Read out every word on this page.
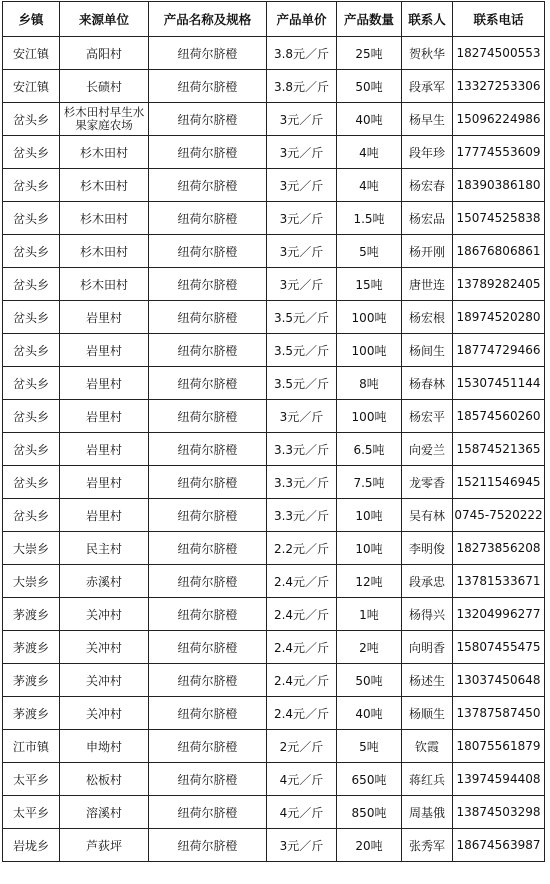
乡镇	来源单位	产品名称及规格	产品单价	产品数量	联系人	联系电话
安江镇	高阳村	纽荷尔脐橙	3.8元／斤	25吨	贺秋华	18274500553
安江镇	长碛村	纽荷尔脐橙	3.8元／斤	50吨	段承军	13327253306
岔头乡	杉木田村早生水果家庭农场	纽荷尔脐橙	3元／斤	40吨	杨早生	15096224986
岔头乡	杉木田村	纽荷尔脐橙	3元／斤	4吨	段年珍	17774553609
岔头乡	杉木田村	纽荷尔脐橙	3元／斤	4吨	杨宏春	18390386180
岔头乡	杉木田村	纽荷尔脐橙	3元／斤	1.5吨	杨宏品	15074525838
岔头乡	杉木田村	纽荷尔脐橙	3元／斤	5吨	杨开刚	18676806861
岔头乡	杉木田村	纽荷尔脐橙	3元／斤	15吨	唐世连	13789282405
岔头乡	岩里村	纽荷尔脐橙	3.5元／斤	100吨	杨宏根	18974520280
岔头乡	岩里村	纽荷尔脐橙	3.5元／斤	100吨	杨间生	18774729466
岔头乡	岩里村	纽荷尔脐橙	3.5元／斤	8吨	杨春林	15307451144
岔头乡	岩里村	纽荷尔脐橙	3元／斤	100吨	杨宏平	18574560260
岔头乡	岩里村	纽荷尔脐橙	3.3元／斤	6.5吨	向爱兰	15874521365
岔头乡	岩里村	纽荷尔脐橙	3.3元／斤	7.5吨	龙零香	15211546945
岔头乡	岩里村	纽荷尔脐橙	3.3元／斤	10吨	吴有林	0745-7520222
大崇乡	民主村	纽荷尔脐橙	2.2元／斤	10吨	李明俊	18273856208
大崇乡	赤溪村	纽荷尔脐橙	2.4元／斤	12吨	段承忠	13781533671
茅渡乡	关冲村	纽荷尔脐橙	2.4元／斤	1吨	杨得兴	13204996277
茅渡乡	关冲村	纽荷尔脐橙	2.4元／斤	2吨	向明香	15807455475
茅渡乡	关冲村	纽荷尔脐橙	2.4元／斤	50吨	杨述生	13037450648
茅渡乡	关冲村	纽荷尔脐橙	2.4元／斤	40吨	杨顺生	13787587450
江市镇	申坳村	纽荷尔脐橙	2元／斤	5吨	钦霞	18075561879
太平乡	松板村	纽荷尔脐橙	4元／斤	650吨	蒋红兵	13974594408
太平乡	溶溪村	纽荷尔脐橙	4元／斤	850吨	周基俄	13874503298
岩垅乡	芦荻坪	纽荷尔脐橙	3元／斤	20吨	张秀军	18674563987
